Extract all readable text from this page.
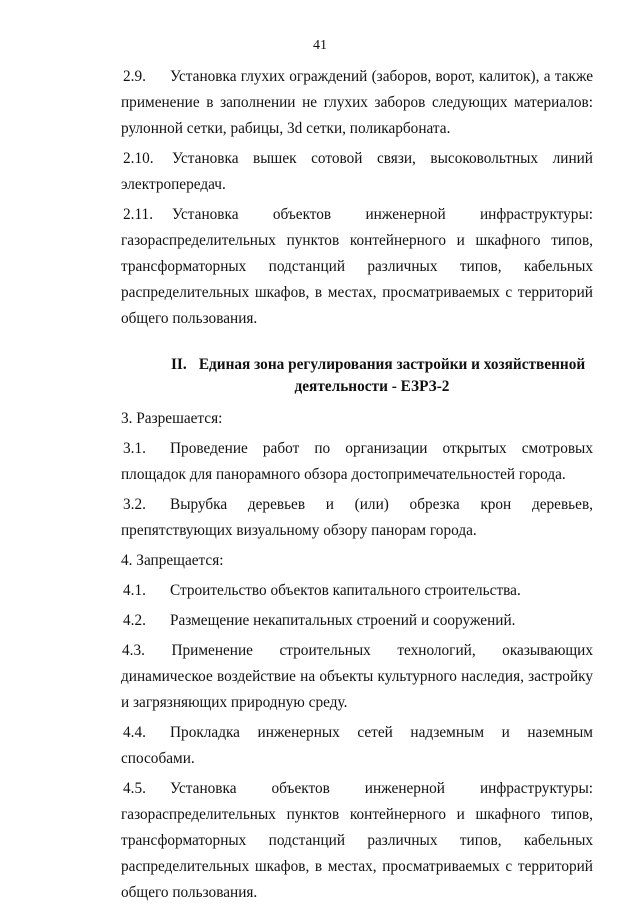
41

2.9. Установка глухих ограждений (заборов, ворот, калиток), а также применение в заполнении не глухих заборов следующих материалов: рулонной сетки, рабицы, 3d сетки, поликарбоната.

2.10. Установка вышек сотовой связи, высоковольтных линий электропередач.

2.11. Установка объектов инженерной инфраструктуры: газораспределительных пунктов контейнерного и шкафного типов, трансформаторных подстанций различных типов, кабельных распределительных шкафов, в местах, просматриваемых с территорий общего пользования.

II. Единая зона регулирования застройки и хозяйственной
деятельности - ЕЗРЗ-2

3. Разрешается:

3.1. Проведение работ по организации открытых смотровых площадок для панорамного обзора достопримечательностей города.

3.2. Вырубка деревьев и (или) обрезка крон деревьев, препятствующих визуальному обзору панорам города.

4. Запрещается:

4.1. Строительство объектов капитального строительства.

4.2. Размещение некапитальных строений и сооружений.

4.3. Применение строительных технологий, оказывающих динамическое воздействие на объекты культурного наследия, застройку и загрязняющих природную среду.

4.4. Прокладка инженерных сетей надземным и наземным способами.

4.5. Установка объектов инженерной инфраструктуры: газораспределительных пунктов контейнерного и шкафного типов, трансформаторных подстанций различных типов, кабельных распределительных шкафов, в местах, просматриваемых с территорий общего пользования.
